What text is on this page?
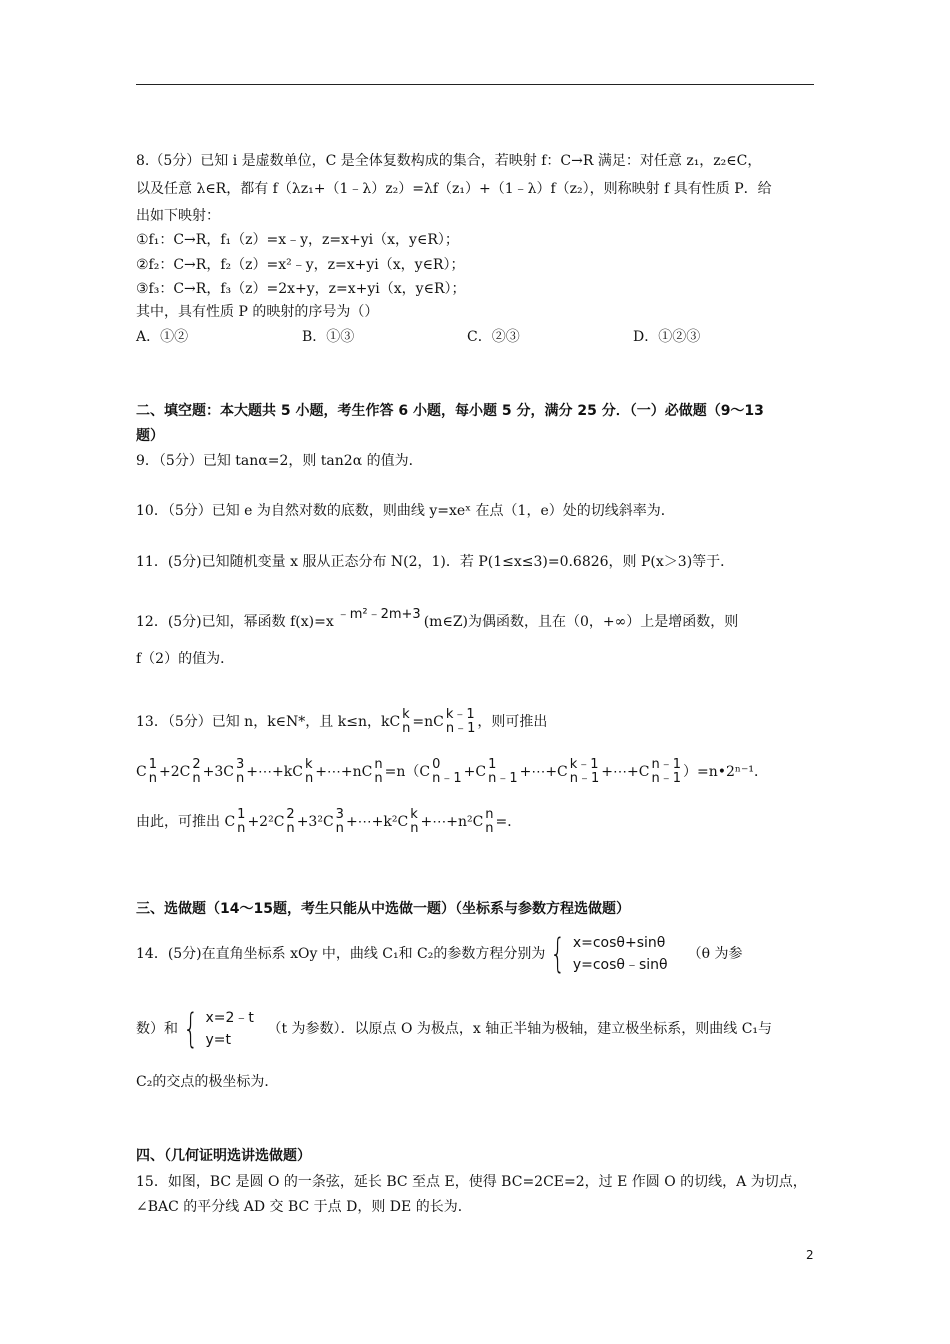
8.（5分）已知 i 是虚数单位，C 是全体复数构成的集合，若映射 f：C→R 满足：对任意 z₁，z₂∈C，
以及任意 λ∈R，都有 f（λz₁+（1﹣λ）z₂）=λf（z₁）+（1﹣λ）f（z₂），则称映射 f 具有性质 P．给
出如下映射：
①f₁：C→R，f₁（z）=x﹣y，z=x+yi（x，y∈R）；
②f₂：C→R，f₂（z）=x²﹣y，z=x+yi（x，y∈R）；
③f₃：C→R，f₃（z）=2x+y，z=x+yi（x，y∈R）；
其中，具有性质 P 的映射的序号为（）
A．①②	B．①③	C．②③	D．①②③
二、填空题：本大题共 5 小题，考生作答 6 小题，每小题 5 分，满分 25 分．（一）必做题（9～13
题）
9．（5分）已知 tanα=2，则 tan2α 的值为．
10．（5分）已知 e 为自然对数的底数，则曲线 y=xeˣ 在点（1，e）处的切线斜率为．
11．(5分)已知随机变量 x 服从正态分布 N(2，1)．若 P(1≤x≤3)=0.6826，则 P(x＞3)等于．
12．(5分)已知，幂函数 f(x)=x ﹣m²﹣2m+3 (m∈Z)为偶函数，且在（0，+∞）上是增函数，则
f（2）的值为．
13．（5分）已知 n，k∈N*，且 k≤n，kC k
n =nC k﹣1
n﹣1 ，则可推出
C 1
n +2C 2
n +3C 3
n +⋯+kC k
n +⋯+nC n
n =n（C 0
n﹣1 +C 1
n﹣1 +⋯+C k﹣1
n﹣1 +⋯+C n﹣1
n﹣1 ）=n•2ⁿ⁻¹．
由此，可推出 C 1
n +2²C 2
n +3²C 3
n +⋯+k²C k
n +⋯+n²C n
n =．
三、选做题（14～15题，考生只能从中选做一题）（坐标系与参数方程选做题）
14．(5分)在直角坐标系 xOy 中，曲线 C₁和 C₂的参数方程分别为 { x=cosθ+sinθ
y=cosθ﹣sinθ
（θ 为参
数）和 { x=2﹣t
y=t
（t 为参数）．以原点 O 为极点，x 轴正半轴为极轴，建立极坐标系，则曲线 C₁与
C₂的交点的极坐标为．
四、（几何证明选讲选做题）
15．如图，BC 是圆 O 的一条弦，延长 BC 至点 E，使得 BC=2CE=2，过 E 作圆 O 的切线，A 为切点，
∠BAC 的平分线 AD 交 BC 于点 D，则 DE 的长为．
2
